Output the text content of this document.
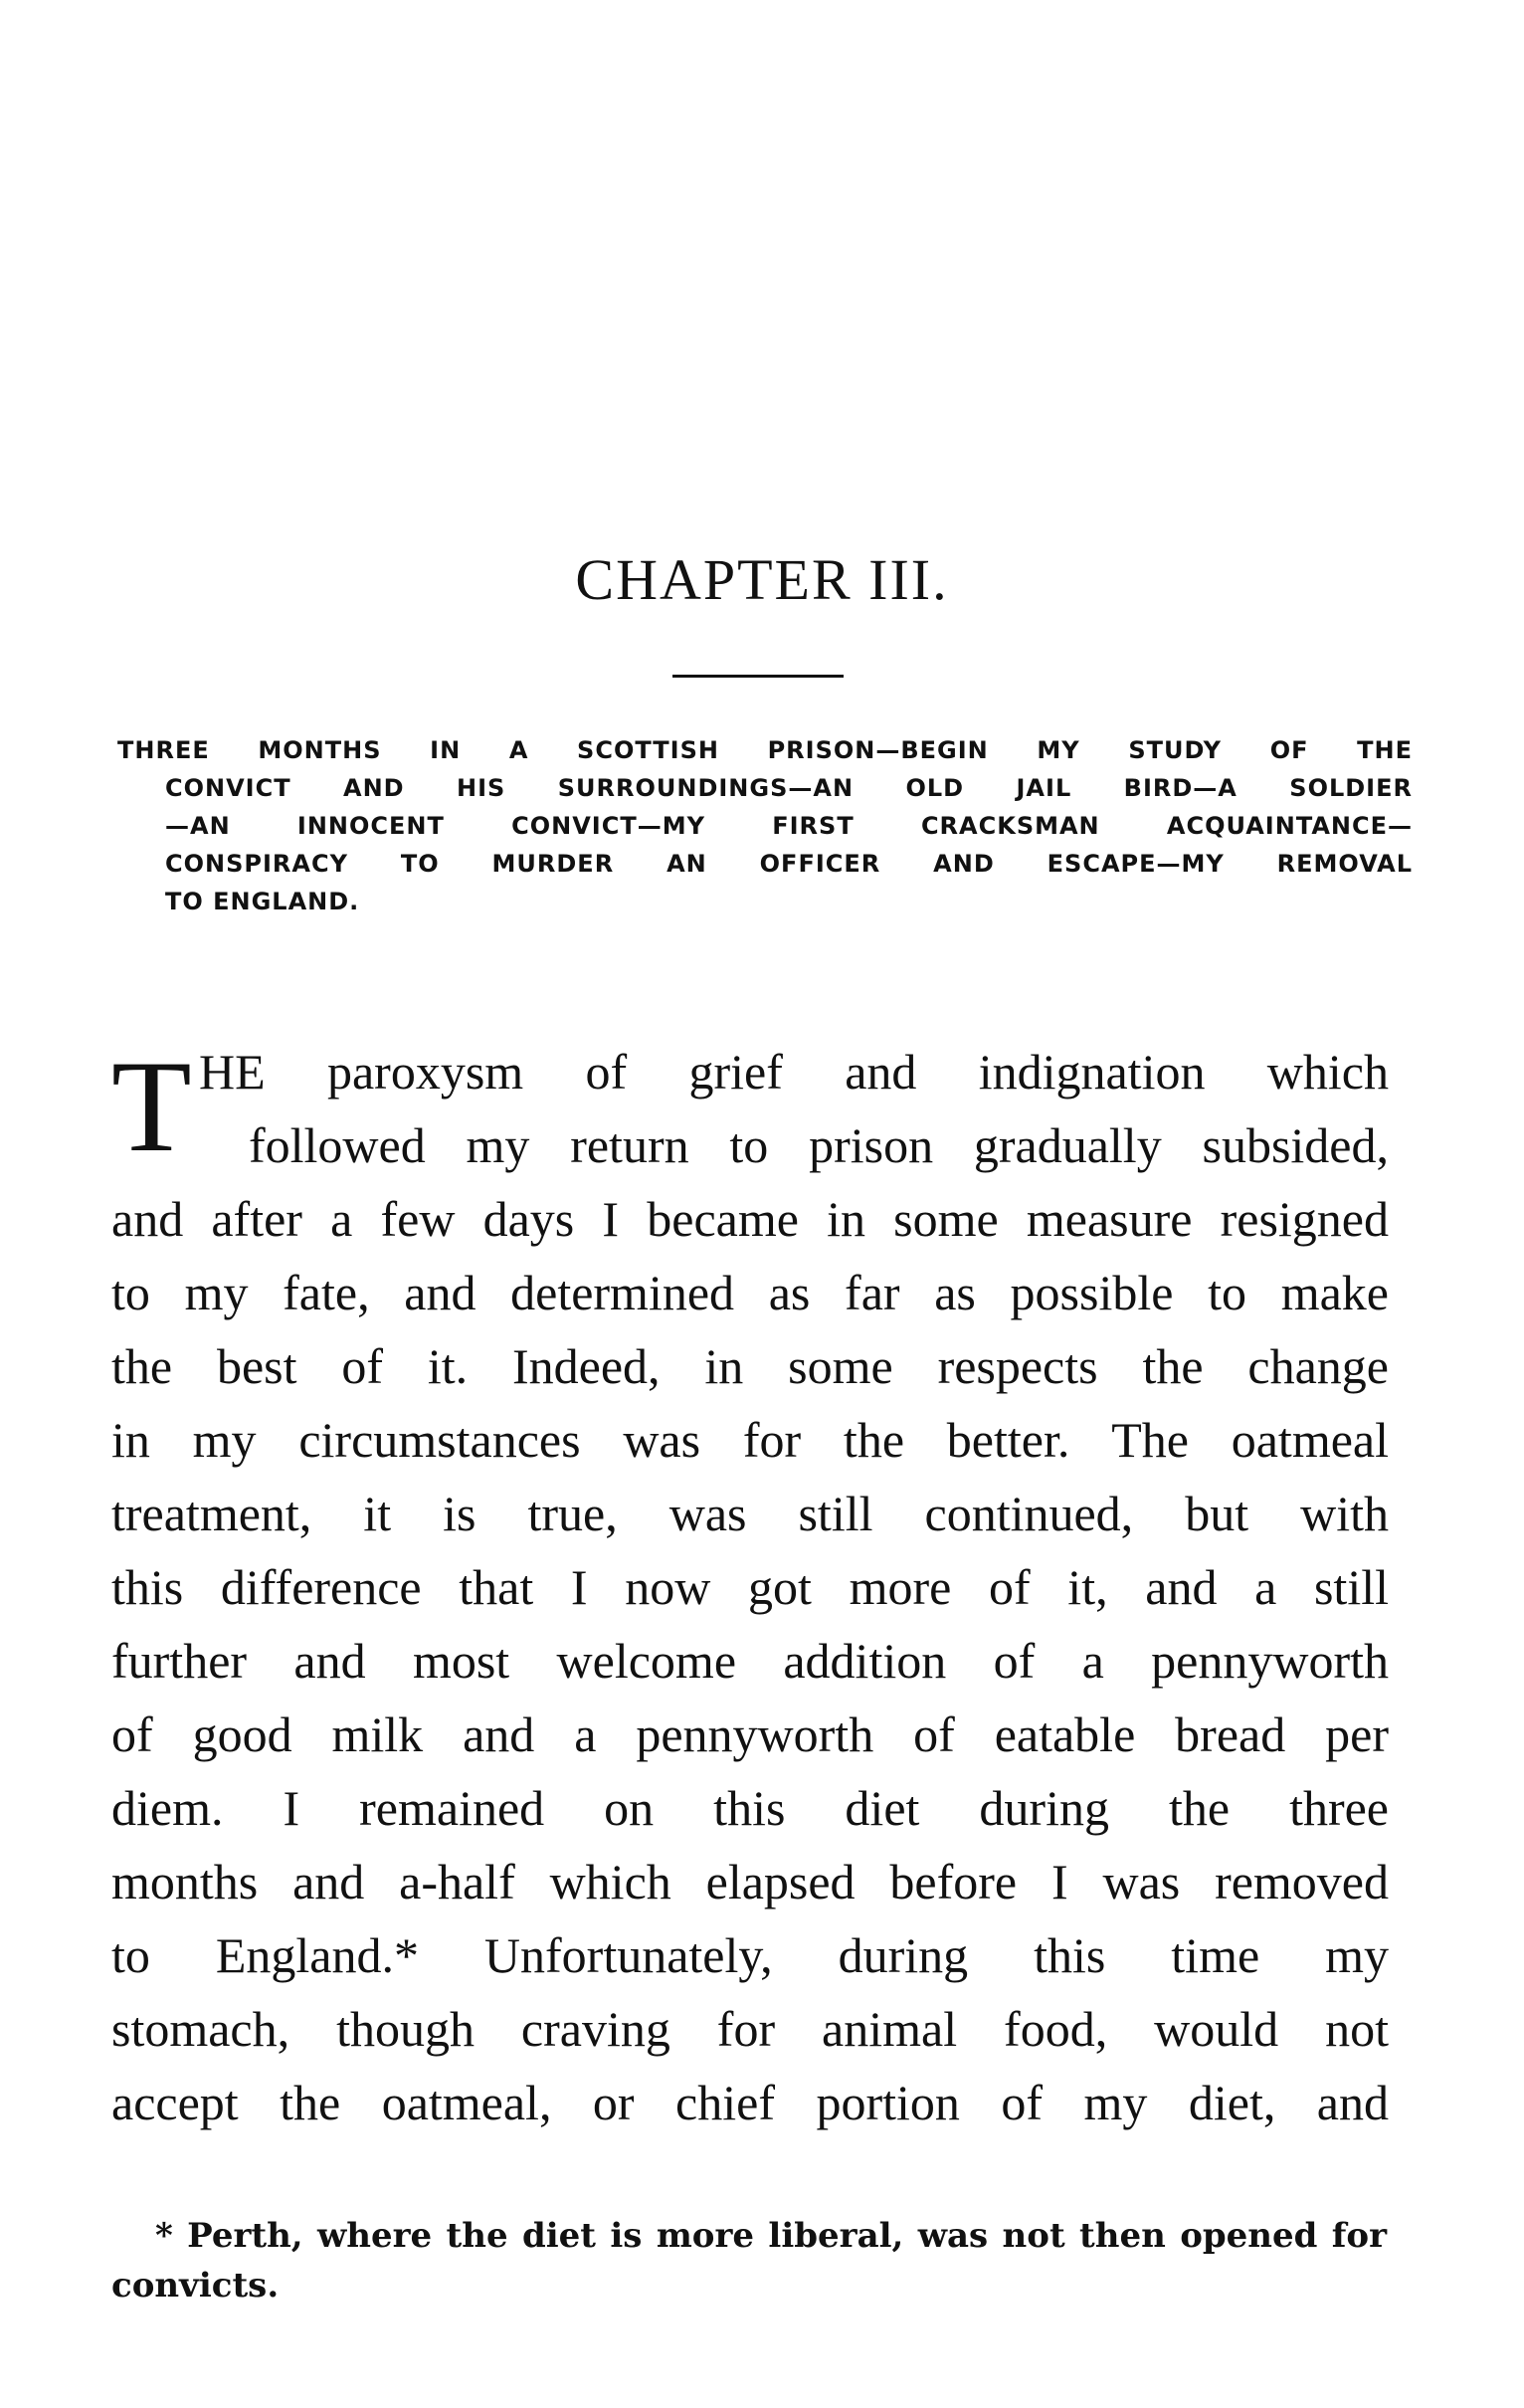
CHAPTER III.
THREE MONTHS IN A SCOTTISH PRISON—BEGIN MY STUDY OF THE
CONVICT AND HIS SURROUNDINGS—AN OLD JAIL BIRD—A SOLDIER
—AN INNOCENT CONVICT—MY FIRST CRACKSMAN ACQUAINTANCE—
CONSPIRACY TO MURDER AN OFFICER AND ESCAPE—MY REMOVAL
TO ENGLAND.
T HE paroxysm of grief and indignation which
followed my return to prison gradually subsided,
and after a few days I became in some measure resigned
to my fate, and determined as far as possible to make
the best of it. Indeed, in some respects the change
in my circumstances was for the better. The oatmeal
treatment, it is true, was still continued, but with
this difference that I now got more of it, and a still
further and most welcome addition of a pennyworth
of good milk and a pennyworth of eatable bread per
diem. I remained on this diet during the three
months and a-half which elapsed before I was removed
to England.* Unfortunately, during this time my
stomach, though craving for animal food, would not
accept the oatmeal, or chief portion of my diet, and
* Perth, where the diet is more liberal, was not then opened for
convicts.
